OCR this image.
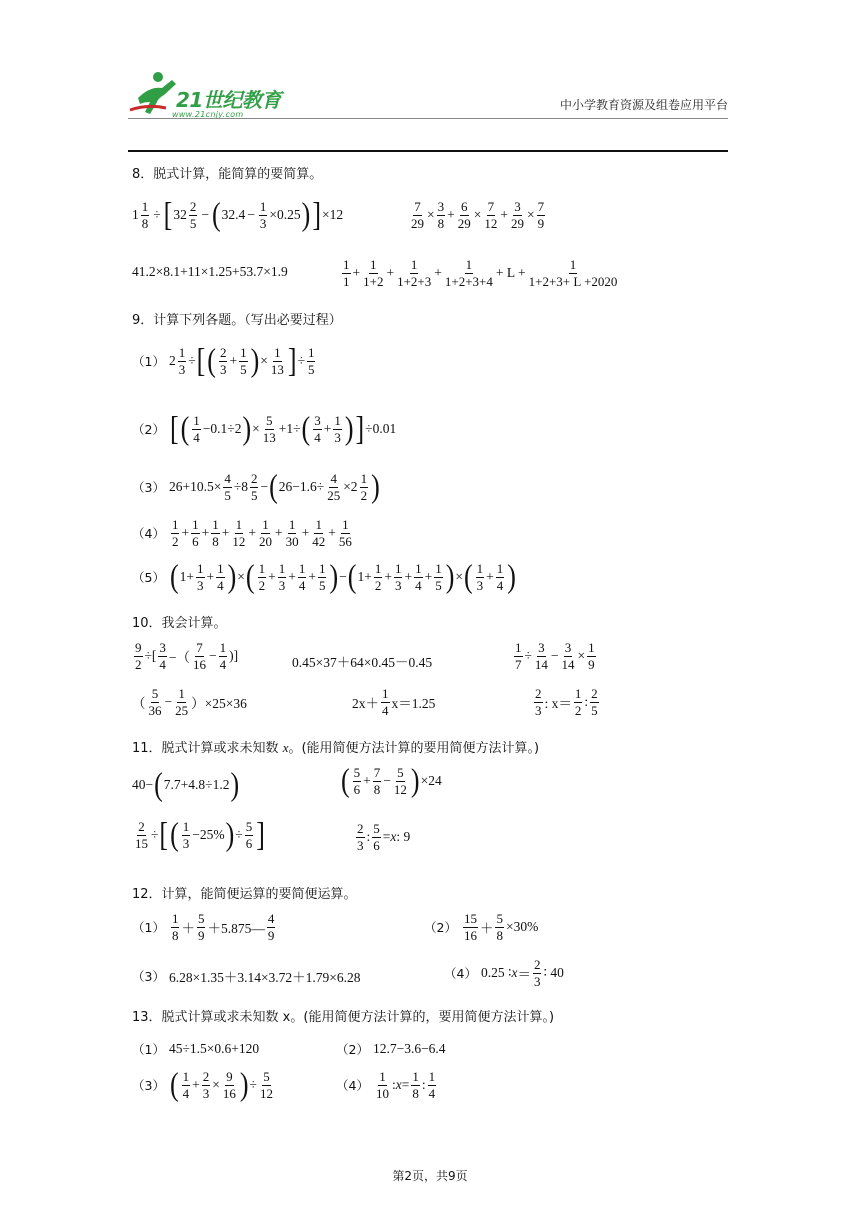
21世纪教育
www.21cnjy.com
中小学教育资源及组卷应用平台
8．脱式计算，能简算的要简算。
$1 \frac{1}{8}$ ÷ [ $32 \frac{2}{5}$ − ( $32.4 - \frac{1}{3} \times 0.25$ ) ] ×12	$\frac{7}{29} \times \frac{3}{8} + \frac{6}{29} \times \frac{7}{12} + \frac{3}{29} \times \frac{7}{9}$
41.2×8.1+11×1.25+53.7×1.9	$\frac{1}{1} + \frac{1}{1+2} + \frac{1}{1+2+3} + \frac{1}{1+2+3+4} + L + \frac{1}{1+2+3+ L +2020}$
9．计算下列各题。（写出必要过程）
（1） $2 \frac{1}{3}$ ÷ [ ( $\frac{2}{3} + \frac{1}{5}$ ) × $\frac{1}{13}$ ] ÷ $\frac{1}{5}$
（2） [ ( $\frac{1}{4} -0.1\div 2$ ) × $\frac{5}{13} +1\div$ ( $\frac{3}{4} + \frac{1}{3}$ ) ] ÷0.01
（3） $26+10.5\times \frac{4}{5} \div 8 \frac{2}{5}$ − ( $26-1.6\div \frac{4}{25} \times 2 \frac{1}{2}$ )
$(4) \frac{1}{2} + \frac{1}{6} + \frac{1}{8} + \frac{1}{12} + \frac{1}{20} + \frac{1}{30} + \frac{1}{42} + \frac{1}{56}$
（5） ( $1+ \frac{1}{3} + \frac{1}{4}$ ) × ( $\frac{1}{2} + \frac{1}{3} + \frac{1}{4} + \frac{1}{5}$ ) − ( $1+ \frac{1}{2} + \frac{1}{3} + \frac{1}{4} + \frac{1}{5}$ ) × ( $\frac{1}{3} + \frac{1}{4}$ )
10．我会计算。
$\frac{9}{2}$ ÷[ $\frac{3}{4}$ −（ $\frac{7}{16} - \frac{1}{4}$ )]	0.45×37＋64×0.45－0.45	$\frac{1}{7} \div \frac{3}{14} - \frac{3}{14} \times \frac{1}{9}$
（ $\frac{5}{36} - \frac{1}{25} )\times 25\times 36$	$2x+ \frac{1}{4} x=1.25$	$\frac{2}{3}$ : $x= \frac{1}{2}$ : $\frac{2}{5}$
11．脱式计算或求未知数 x。(能用简便方法计算的要用简便方法计算。)
40− ( 7.7+4.8÷1.2 )	( $\frac{5}{6} + \frac{7}{8} - \frac{5}{12}$ ) ×24
$\frac{2}{15}$ ÷ [ ( $\frac{1}{3} -25\%$ ) ÷ $\frac{5}{6}$ ]	$\frac{2}{3}$ : $\frac{5}{6} = x$ : 9
12．计算，能简便运算的要简便运算。
$(1) \frac{1}{8} + \frac{5}{9}$ ＋5.875— $\frac{4}{9}$	$(2) \frac{15}{16} + \frac{5}{8} \times 30\%$
（3） 6.28×1.35＋3.14×3.72＋1.79×6.28	（4） 0.25 ∶ $x = \frac{2}{3}$ ∶ 40
13．脱式计算或求未知数 x。(能用简便方法计算的，要用简便方法计算。)
（1） 45÷1.5×0.6+120	（2） 12.7−3.6−6.4
（3） ( $\frac{1}{4} + \frac{2}{3} \times \frac{9}{16}$ ) ÷ $\frac{5}{12}$	$(4) \frac{1}{10}$ : $x = \frac{1}{8}$ : $\frac{1}{4}$
第2页，共9页
